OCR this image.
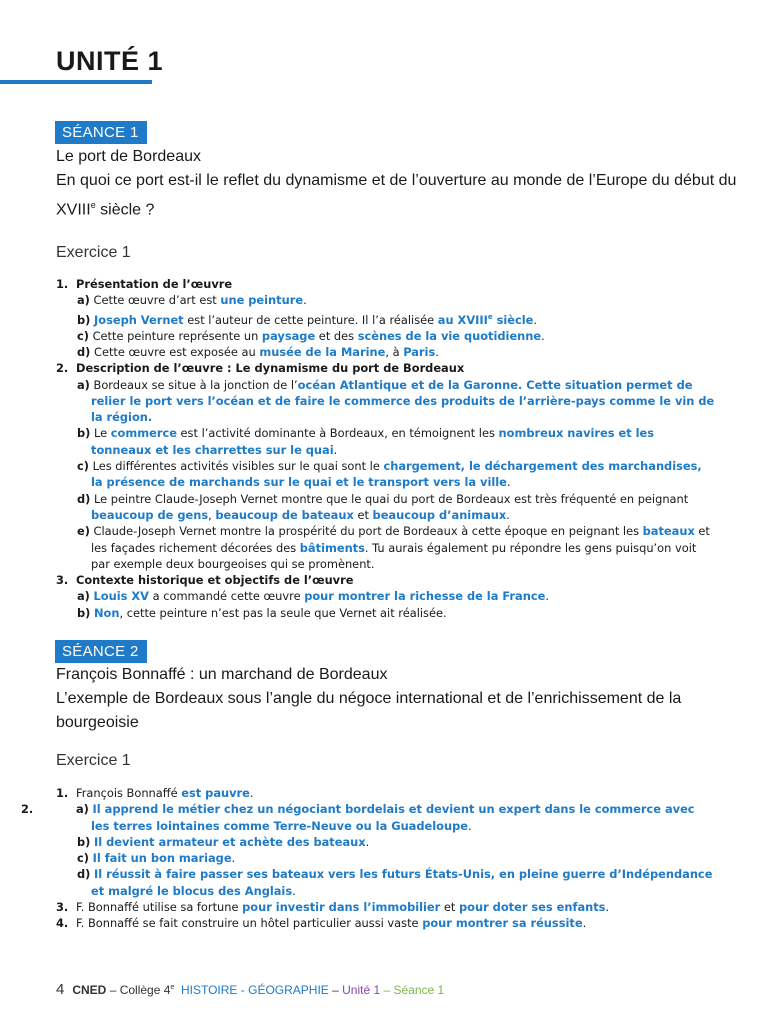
UNITÉ 1
SÉANCE 1
Le port de Bordeaux
En quoi ce port est-il le reflet du dynamisme et de l’ouverture au monde de l’Europe du début du XVIIIe siècle ?
Exercice 1

1. Présentation de l’œuvre

a) Cette œuvre d’art est une peinture.

b) Joseph Vernet est l’auteur de cette peinture. Il l’a réalisée au XVIIIe siècle.

c) Cette peinture représente un paysage et des scènes de la vie quotidienne.

d) Cette œuvre est exposée au musée de la Marine, à Paris.

2. Description de l’œuvre : Le dynamisme du port de Bordeaux

a) Bordeaux se situe à la jonction de l’océan Atlantique et de la Garonne. Cette situation permet de relier le port vers l’océan et de faire le commerce des produits de l’arrière-pays comme le vin de la région.

b) Le commerce est l’activité dominante à Bordeaux, en témoignent les nombreux navires et les tonneaux et les charrettes sur le quai.

c) Les différentes activités visibles sur le quai sont le chargement, le déchargement des marchandises, la présence de marchands sur le quai et le transport vers la ville.

d) Le peintre Claude-Joseph Vernet montre que le quai du port de Bordeaux est très fréquenté en peignant beaucoup de gens, beaucoup de bateaux et beaucoup d’animaux.

e) Claude-Joseph Vernet montre la prospérité du port de Bordeaux à cette époque en peignant les bateaux et les façades richement décorées des bâtiments. Tu aurais également pu répondre les gens puisqu’on voit par exemple deux bourgeoises qui se promènent.

3. Contexte historique et objectifs de l’œuvre

a) Louis XV a commandé cette œuvre pour montrer la richesse de la France.

b) Non, cette peinture n’est pas la seule que Vernet ait réalisée.

SÉANCE 2
François Bonnaffé : un marchand de Bordeaux
L’exemple de Bordeaux sous l’angle du négoce international et de l’enrichissement de la bourgeoisie
Exercice 1

1. François Bonnaffé est pauvre.

2.	a) Il apprend le métier chez un négociant bordelais et devient un expert dans le commerce avec les terres lointaines comme Terre-Neuve ou la Guadeloupe.

b) Il devient armateur et achète des bateaux.

c) Il fait un bon mariage.

d) Il réussit à faire passer ses bateaux vers les futurs États-Unis, en pleine guerre d’Indépendance et malgré le blocus des Anglais.

3. F. Bonnaffé utilise sa fortune pour investir dans l’immobilier et pour doter ses enfants.

4. F. Bonnaffé se fait construire un hôtel particulier aussi vaste pour montrer sa réussite.

4 CNED – Collège 4e HISTOIRE - GÉOGRAPHIE – Unité 1 – Séance 1
